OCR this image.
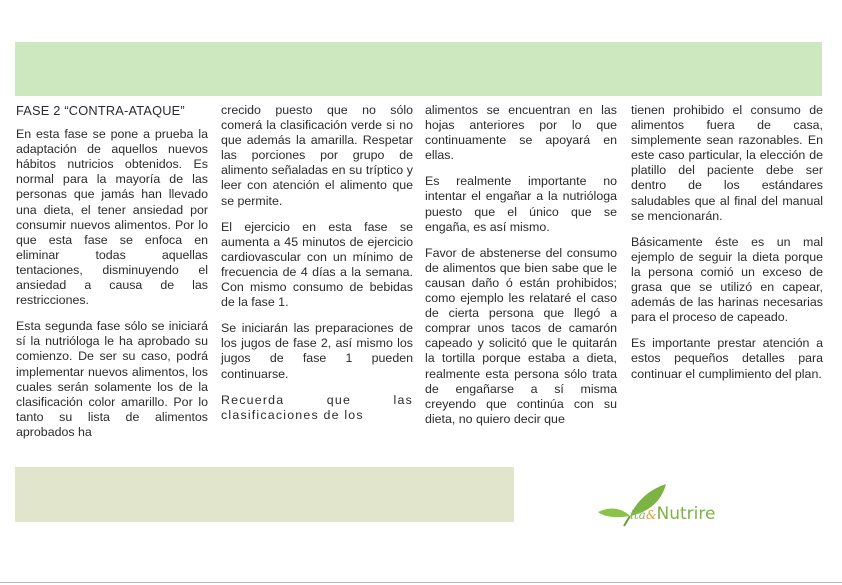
FASE 2 “CONTRA-ATAQUE”

En esta fase se pone a prueba la adaptación de aquellos nuevos hábitos nutricios obtenidos. Es normal para la mayoría de las personas que jamás han llevado una dieta, el tener ansiedad por consumir nuevos alimentos. Por lo que esta fase se enfoca en eliminar todas aquellas tentaciones, disminuyendo el ansiedad a causa de las restricciones.

Esta segunda fase sólo se iniciará sí la nutrióloga le ha aprobado su comienzo. De ser su caso, podrá implementar nuevos alimentos, los cuales serán solamente los de la clasificación color amarillo. Por lo tanto su lista de alimentos aprobados ha

crecido puesto que no sólo comerá la clasificación verde si no que además la amarilla. Respetar las porciones por grupo de alimento señaladas en su tríptico y leer con atención el alimento que se permite.

El ejercicio en esta fase se aumenta a 45 minutos de ejercicio cardiovascular con un mínimo de frecuencia de 4 días a la semana. Con mismo consumo de bebidas de la fase 1.

Se iniciarán las preparaciones de los jugos de fase 2, así mismo los jugos de fase 1 pueden continuarse.

Recuerda que las clasificaciones de los

alimentos se encuentran en las hojas anteriores por lo que continuamente se apoyará en ellas.

Es realmente importante no intentar el engañar a la nutrióloga puesto que el único que se engaña, es así mismo.

Favor de abstenerse del consumo de alimentos que bien sabe que le causan daño ó están prohibidos; como ejemplo les relataré el caso de cierta persona que llegó a comprar unos tacos de camarón capeado y solicitó que le quitarán la tortilla porque estaba a dieta, realmente esta persona sólo trata de engañarse a sí misma creyendo que continúa con su dieta, no quiero decir que

tienen prohibido el consumo de alimentos fuera de casa, simplemente sean razonables. En este caso particular, la elección de platillo del paciente debe ser dentro de los estándares saludables que al final del manual se mencionarán.

Básicamente éste es un mal ejemplo de seguir la dieta porque la persona comió un exceso de grasa que se utilizó en capear, además de las harinas necesarias para el proceso de capeado.

Es importante prestar atención a estos pequeños detalles para continuar el cumplimiento del plan.

ita&Nutrire
